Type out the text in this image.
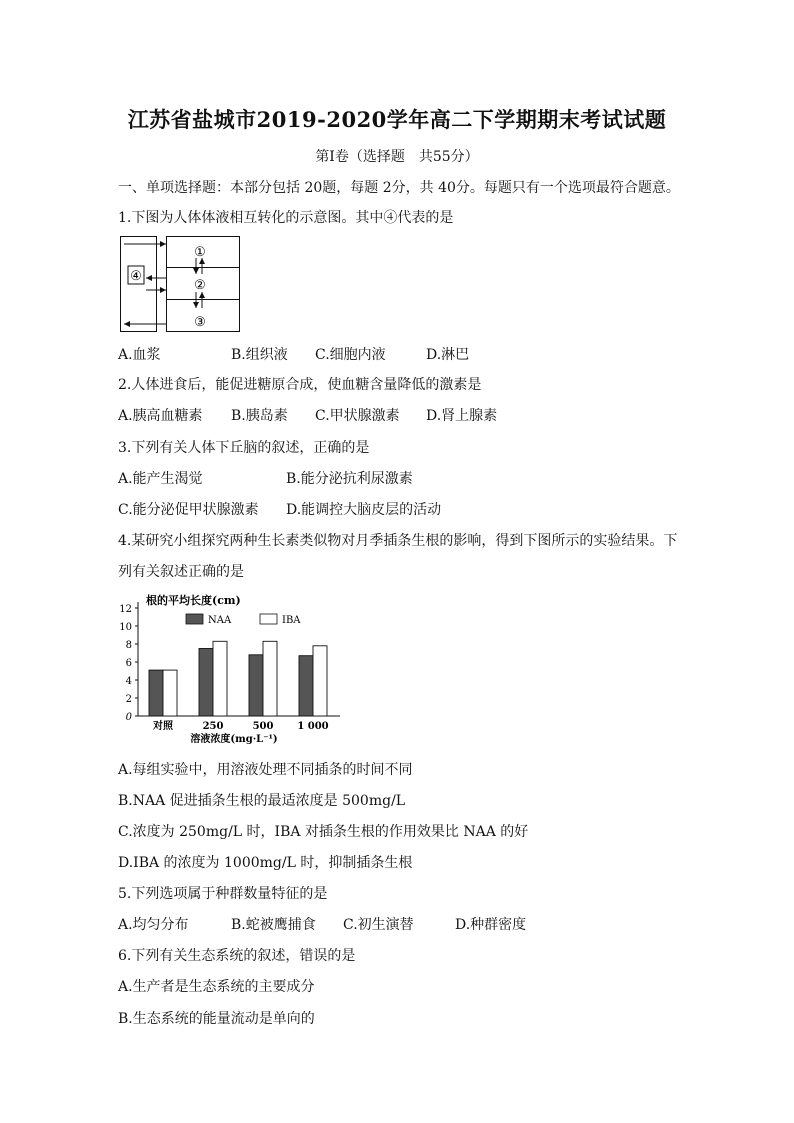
江苏省盐城市2019-2020学年高二下学期期末考试试题
第Ⅰ卷（选择题　共55分）
一、单项选择题：本部分包括 20题，每题 2分，共 40分。每题只有一个选项最符合题意。
1.下图为人体体液相互转化的示意图。其中④代表的是
④
①
②
③
A.血浆	B.组织液 C.细胞内液	D.淋巴
2.人体进食后，能促进糖原合成，使血糖含量降低的激素是
A.胰高血糖素 B.胰岛素 C.甲状腺激素 D.肾上腺素
3.下列有关人体下丘脑的叙述，正确的是
A.能产生渴觉	B.能分泌抗利尿激素
C.能分泌促甲状腺激素 D.能调控大脑皮层的活动
4.某研究小组探究两种生长素类似物对月季插条生根的影响，得到下图所示的实验结果。下
列有关叙述正确的是
根的平均长度(cm)
NAA	IBA
0
2
4
6
8
10
12
对照	250	500 1 000
溶液浓度(mg·L⁻¹)
A.每组实验中，用溶液处理不同插条的时间不同
B.NAA 促进插条生根的最适浓度是 500mg/L
C.浓度为 250mg/L 时，IBA 对插条生根的作用效果比 NAA 的好
D.IBA 的浓度为 1000mg/L 时，抑制插条生根
5.下列选项属于种群数量特征的是
A.均匀分布	B.蛇被鹰捕食 C.初生演替	D.种群密度
6.下列有关生态系统的叙述，错误的是
A.生产者是生态系统的主要成分
B.生态系统的能量流动是单向的
